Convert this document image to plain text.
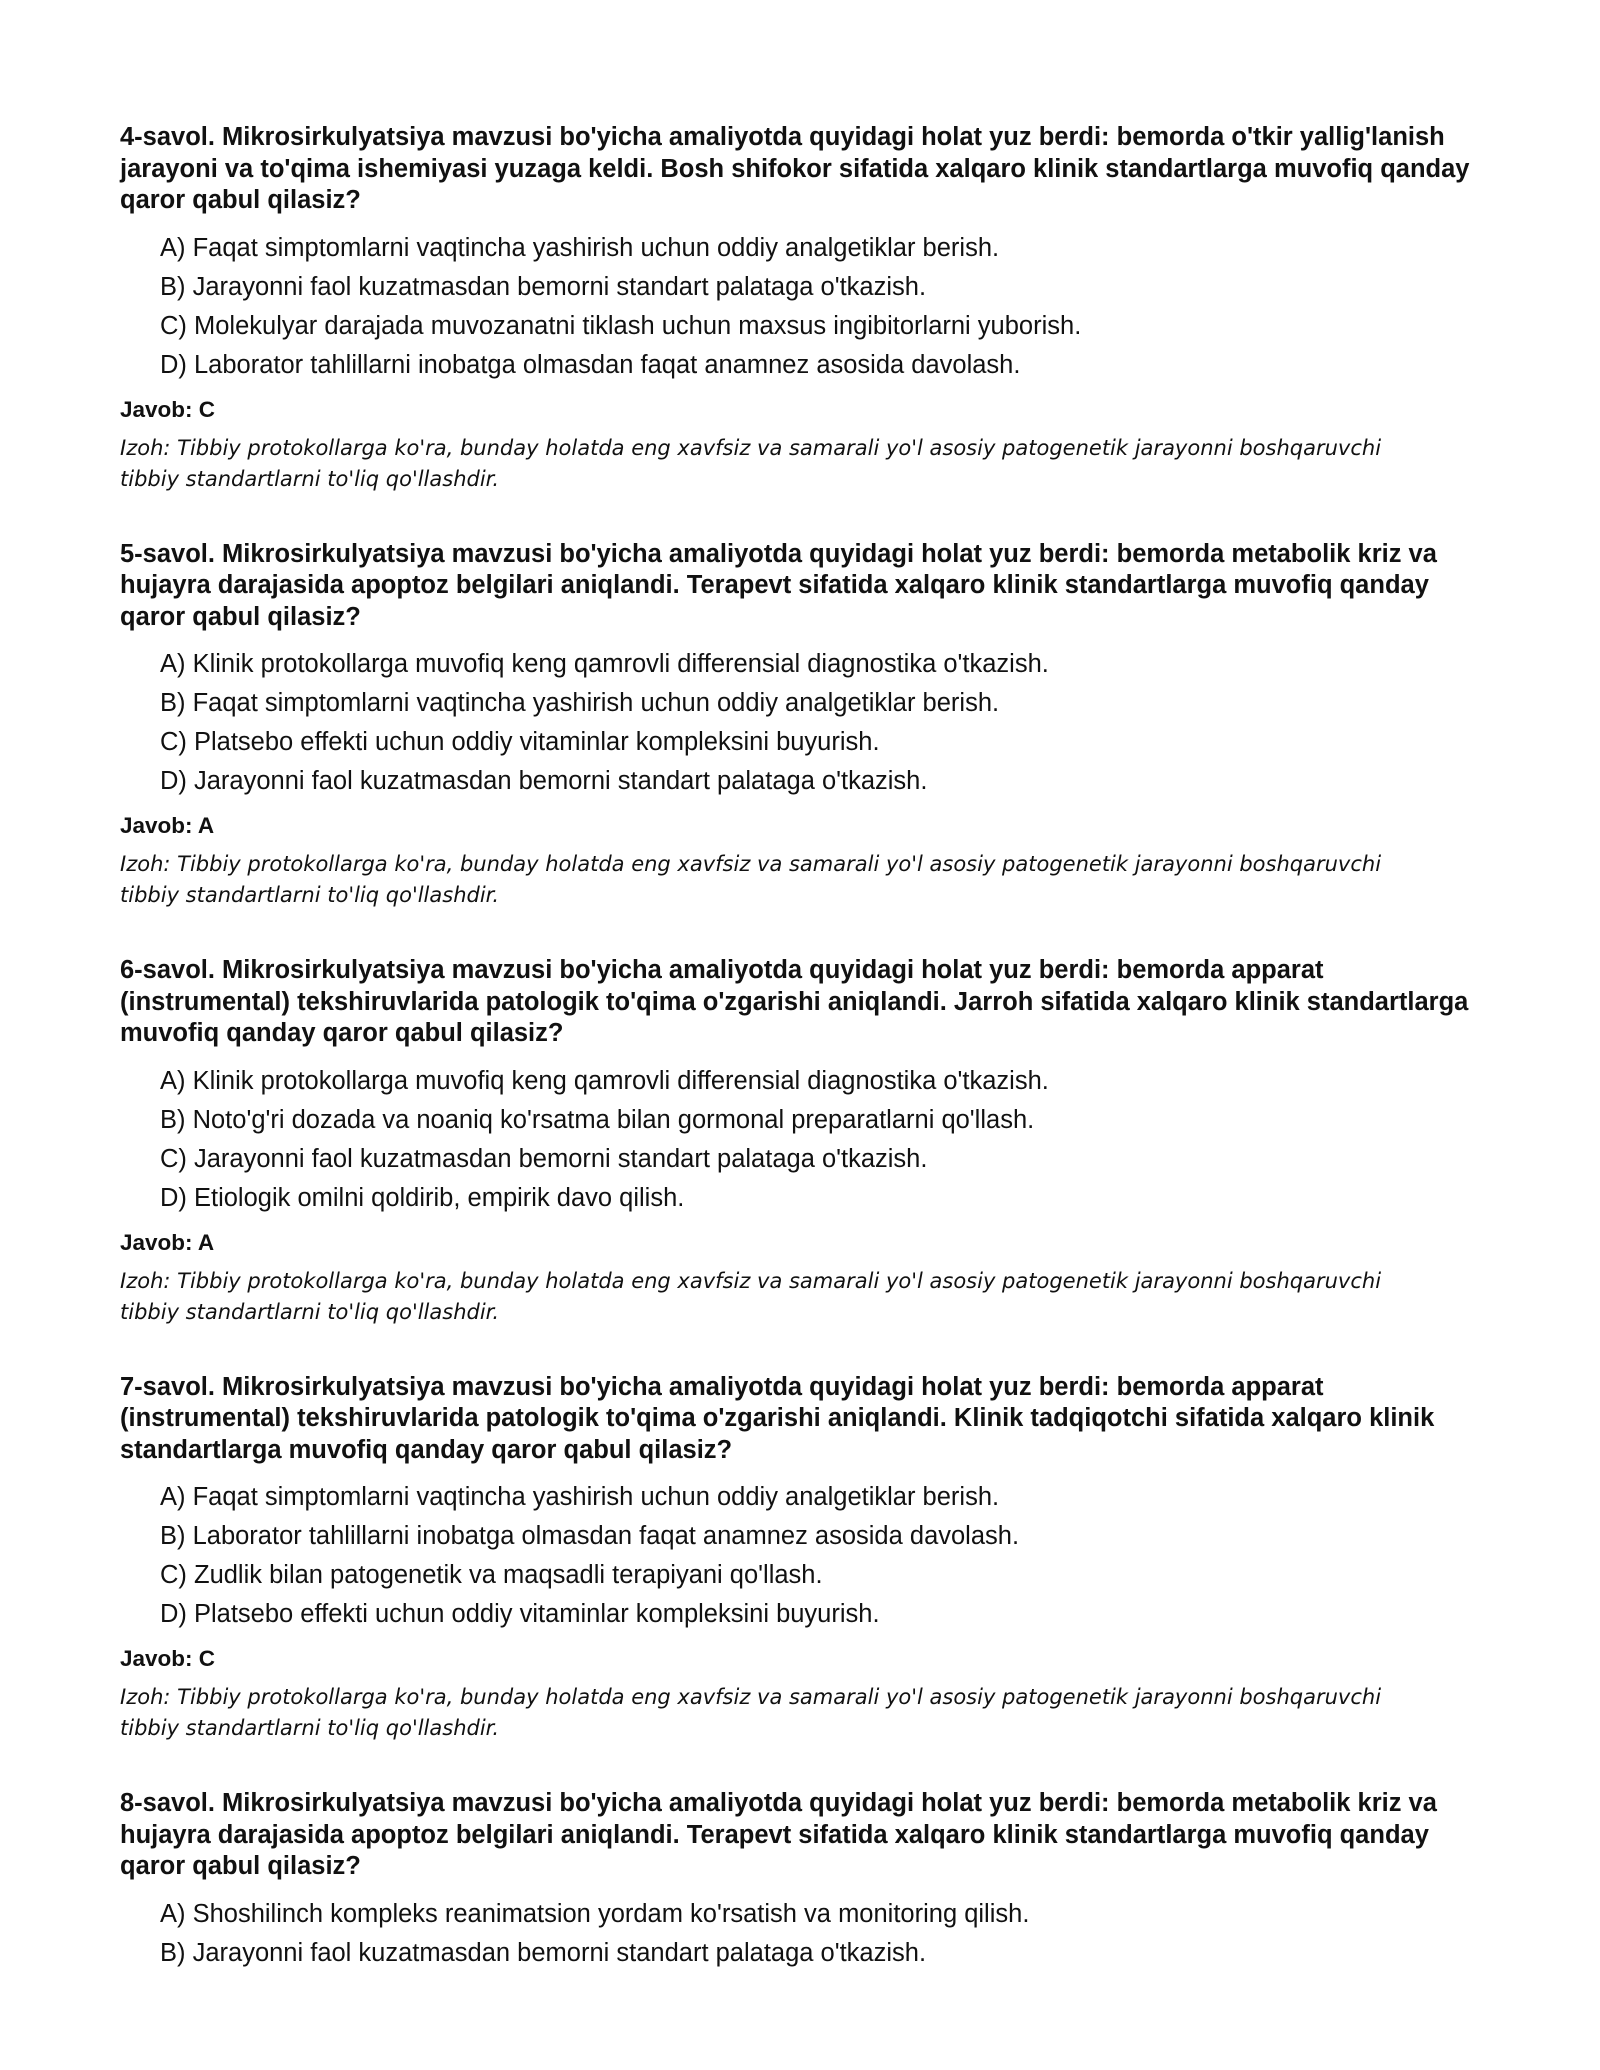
4-savol. Mikrosirkulyatsiya mavzusi bo'yicha amaliyotda quyidagi holat yuz berdi: bemorda o'tkir yallig'lanish jarayoni va to'qima ishemiyasi yuzaga keldi. Bosh shifokor sifatida xalqaro klinik standartlarga muvofiq qanday qaror qabul qilasiz?

A) Faqat simptomlarni vaqtincha yashirish uchun oddiy analgetiklar berish.
B) Jarayonni faol kuzatmasdan bemorni standart palataga o'tkazish.
C) Molekulyar darajada muvozanatni tiklash uchun maxsus ingibitorlarni yuborish.
D) Laborator tahlillarni inobatga olmasdan faqat anamnez asosida davolash.

Javob: C

Izoh: Tibbiy protokollarga ko'ra, bunday holatda eng xavfsiz va samarali yo'l asosiy patogenetik jarayonni boshqaruvchi tibbiy standartlarni to'liq qo'llashdir.

5-savol. Mikrosirkulyatsiya mavzusi bo'yicha amaliyotda quyidagi holat yuz berdi: bemorda metabolik kriz va hujayra darajasida apoptoz belgilari aniqlandi. Terapevt sifatida xalqaro klinik standartlarga muvofiq qanday qaror qabul qilasiz?

A) Klinik protokollarga muvofiq keng qamrovli differensial diagnostika o'tkazish.
B) Faqat simptomlarni vaqtincha yashirish uchun oddiy analgetiklar berish.
C) Platsebo effekti uchun oddiy vitaminlar kompleksini buyurish.
D) Jarayonni faol kuzatmasdan bemorni standart palataga o'tkazish.

Javob: A

Izoh: Tibbiy protokollarga ko'ra, bunday holatda eng xavfsiz va samarali yo'l asosiy patogenetik jarayonni boshqaruvchi tibbiy standartlarni to'liq qo'llashdir.

6-savol. Mikrosirkulyatsiya mavzusi bo'yicha amaliyotda quyidagi holat yuz berdi: bemorda apparat (instrumental) tekshiruvlarida patologik to'qima o'zgarishi aniqlandi. Jarroh sifatida xalqaro klinik standartlarga muvofiq qanday qaror qabul qilasiz?

A) Klinik protokollarga muvofiq keng qamrovli differensial diagnostika o'tkazish.
B) Noto'g'ri dozada va noaniq ko'rsatma bilan gormonal preparatlarni qo'llash.
C) Jarayonni faol kuzatmasdan bemorni standart palataga o'tkazish.
D) Etiologik omilni qoldirib, empirik davo qilish.

Javob: A

Izoh: Tibbiy protokollarga ko'ra, bunday holatda eng xavfsiz va samarali yo'l asosiy patogenetik jarayonni boshqaruvchi tibbiy standartlarni to'liq qo'llashdir.

7-savol. Mikrosirkulyatsiya mavzusi bo'yicha amaliyotda quyidagi holat yuz berdi: bemorda apparat (instrumental) tekshiruvlarida patologik to'qima o'zgarishi aniqlandi. Klinik tadqiqotchi sifatida xalqaro klinik standartlarga muvofiq qanday qaror qabul qilasiz?

A) Faqat simptomlarni vaqtincha yashirish uchun oddiy analgetiklar berish.
B) Laborator tahlillarni inobatga olmasdan faqat anamnez asosida davolash.
C) Zudlik bilan patogenetik va maqsadli terapiyani qo'llash.
D) Platsebo effekti uchun oddiy vitaminlar kompleksini buyurish.

Javob: C

Izoh: Tibbiy protokollarga ko'ra, bunday holatda eng xavfsiz va samarali yo'l asosiy patogenetik jarayonni boshqaruvchi tibbiy standartlarni to'liq qo'llashdir.

8-savol. Mikrosirkulyatsiya mavzusi bo'yicha amaliyotda quyidagi holat yuz berdi: bemorda metabolik kriz va hujayra darajasida apoptoz belgilari aniqlandi. Terapevt sifatida xalqaro klinik standartlarga muvofiq qanday qaror qabul qilasiz?

A) Shoshilinch kompleks reanimatsion yordam ko'rsatish va monitoring qilish.
B) Jarayonni faol kuzatmasdan bemorni standart palataga o'tkazish.
